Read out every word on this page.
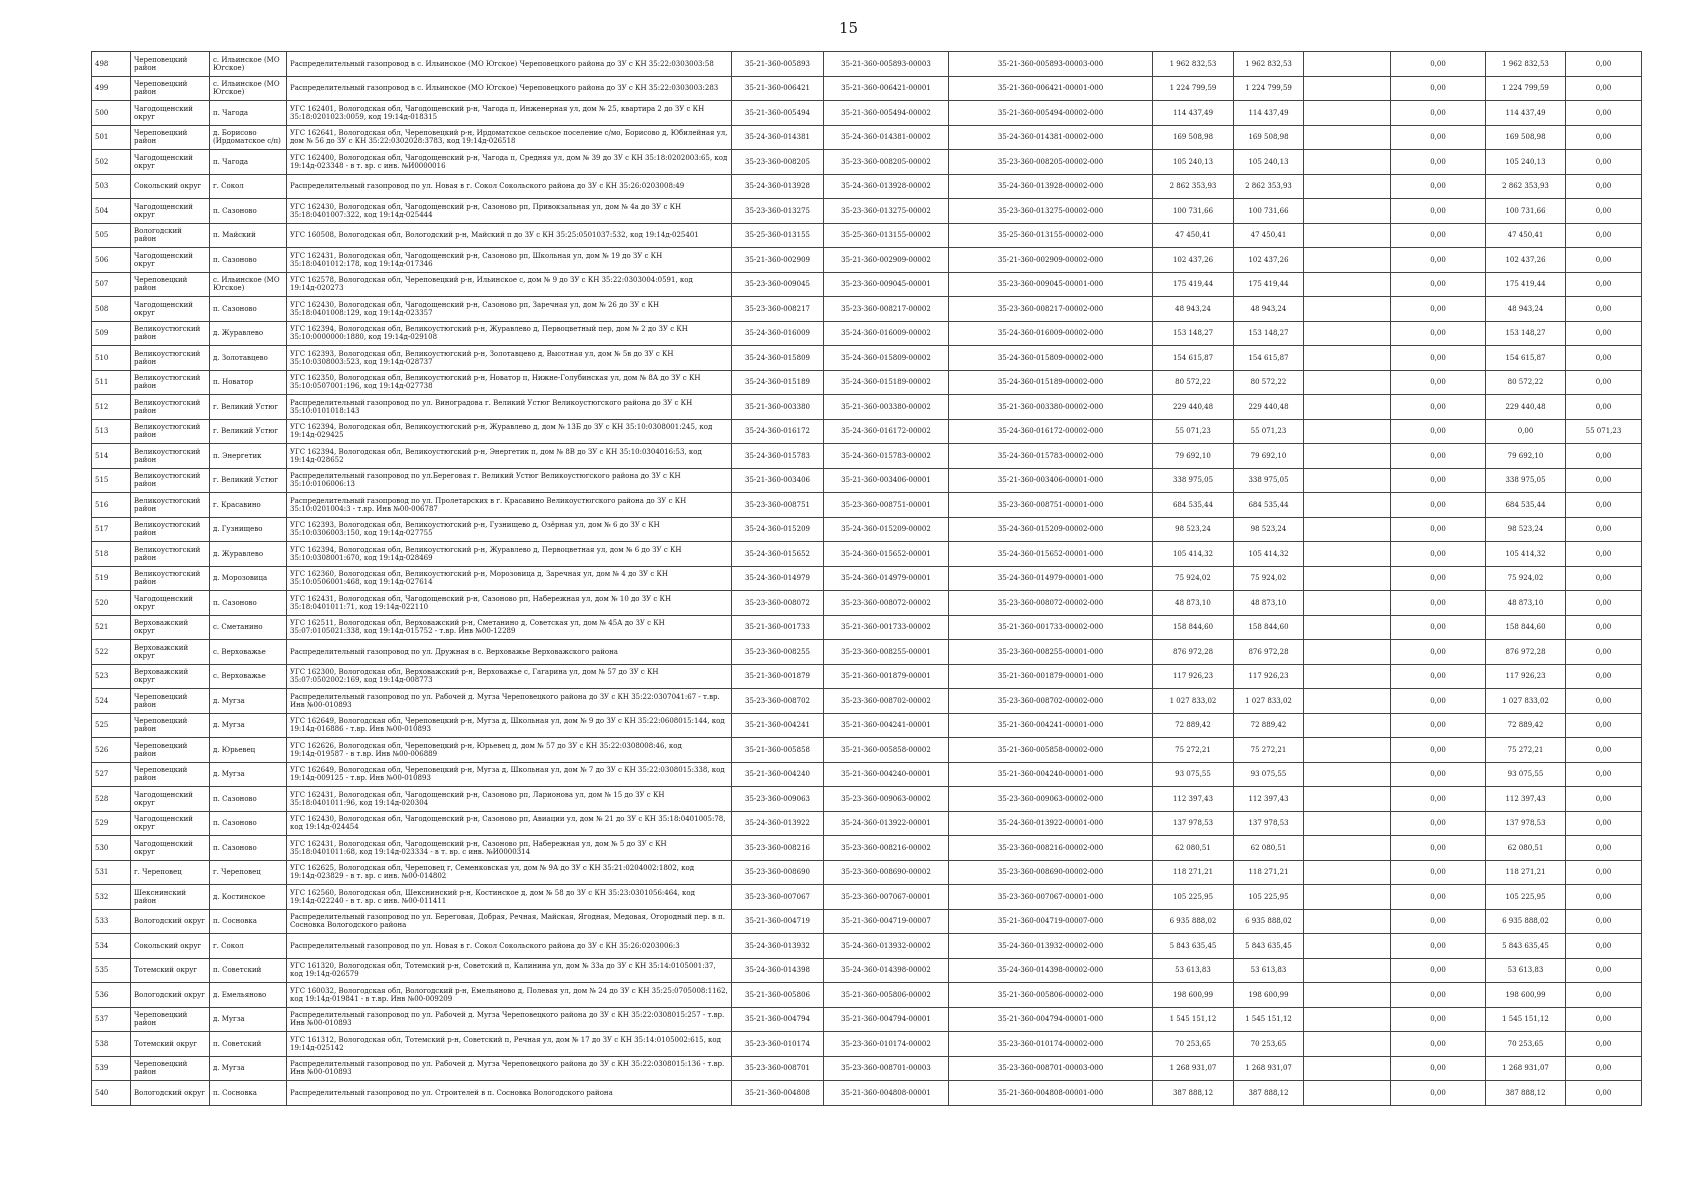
15
498	Череповецкий район	с. Ильинское (МО Югское)	Распределительный газопровод в с. Ильинское (МО Югское) Череповецкого района до ЗУ с КН 35:22:0303003:58	35-21-360-005893	35-21-360-005893-00003	35-21-360-005893-00003-000	1 962 832,53	1 962 832,53		0,00	1 962 832,53	0,00
499	Череповецкий район	с. Ильинское (МО Югское)	Распределительный газопровод в с. Ильинское (МО Югское) Череповецкого района до ЗУ с КН 35:22:0303003:283	35-21-360-006421	35-21-360-006421-00001	35-21-360-006421-00001-000	1 224 799,59	1 224 799,59		0,00	1 224 799,59	0,00
500	Чагодощенский округ	п. Чагода	УГС 162401, Вологодская обл, Чагодощенский р-н, Чагода п, Инженерная ул, дом № 25, квартира 2 до ЗУ с КН 35:18:0201023:0059, код 19:14д-018315	35-21-360-005494	35-21-360-005494-00002	35-21-360-005494-00002-000	114 437,49	114 437,49		0,00	114 437,49	0,00
501	Череповецкий район	д. Борисово (Ирдоматское с/п)	УГС 162641, Вологодская обл, Череповецкий р-н, Ирдоматское сельское поселение с/мо, Борисово д, Юбилейная ул, дом № 56 до ЗУ с КН 35:22:0302028:3783, код 19:14д-026518	35-24-360-014381	35-24-360-014381-00002	35-24-360-014381-00002-000	169 508,98	169 508,98		0,00	169 508,98	0,00
502	Чагодощенский округ	п. Чагода	УГС 162400, Вологодская обл, Чагодощенский р-н, Чагода п, Средняя ул, дом № 39 до ЗУ с КН 35:18:0202003:65, код 19:14д-023348 - в т. вр. с инв. №И0000016	35-23-360-008205	35-23-360-008205-00002	35-23-360-008205-00002-000	105 240,13	105 240,13		0,00	105 240,13	0,00
503	Сокольский округ	г. Сокол	Распределительный газопровод по ул. Новая в г. Сокол Сокольского района до ЗУ с КН 35:26:0203008:49	35-24-360-013928	35-24-360-013928-00002	35-24-360-013928-00002-000	2 862 353,93	2 862 353,93		0,00	2 862 353,93	0,00
504	Чагодощенский округ	п. Сазоново	УГС 162430, Вологодская обл, Чагодощенский р-н, Сазоново рп, Привокзальная ул, дом № 4а до ЗУ с КН 35:18:0401007:322, код 19:14д-025444	35-23-360-013275	35-23-360-013275-00002	35-23-360-013275-00002-000	100 731,66	100 731,66		0,00	100 731,66	0,00
505	Вологодский район	п. Майский	УГС 160508, Вологодская обл, Вологодский р-н, Майский п до ЗУ с КН 35:25:0501037:532, код 19:14д-025401	35-25-360-013155	35-25-360-013155-00002	35-25-360-013155-00002-000	47 450,41	47 450,41		0,00	47 450,41	0,00
506	Чагодощенский округ	п. Сазоново	УГС 162431, Вологодская обл, Чагодощенский р-н, Сазоново рп, Школьная ул, дом № 19 до ЗУ с КН 35:18:0401012:178, код 19:14д-017346	35-21-360-002909	35-21-360-002909-00002	35-21-360-002909-00002-000	102 437,26	102 437,26		0,00	102 437,26	0,00
507	Череповецкий район	с. Ильинское (МО Югское)	УГС 162578, Вологодская обл, Череповецкий р-н, Ильинское с, дом № 9 до ЗУ с КН 35:22:0303004:0591, код 19:14д-020273	35-23-360-009045	35-23-360-009045-00001	35-23-360-009045-00001-000	175 419,44	175 419,44		0,00	175 419,44	0,00
508	Чагодощенский округ	п. Сазоново	УГС 162430, Вологодская обл, Чагодощенский р-н, Сазоново рп, Заречная ул, дом № 26 до ЗУ с КН 35:18:0401008:129, код 19:14д-023357	35-23-360-008217	35-23-360-008217-00002	35-23-360-008217-00002-000	48 943,24	48 943,24		0,00	48 943,24	0,00
509	Великоустюгский район	д. Журавлево	УГС 162394, Вологодская обл, Великоустюгский р-н, Журавлево д, Первоцветный пер, дом № 2 до ЗУ с КН 35:10:0000000:1880, код 19:14д-029108	35-24-360-016009	35-24-360-016009-00002	35-24-360-016009-00002-000	153 148,27	153 148,27		0,00	153 148,27	0,00
510	Великоустюгский район	д. Золотавцево	УГС 162393, Вологодская обл, Великоустюгский р-н, Золотавцево д, Высотная ул, дом № 5в до ЗУ с КН 35:10:0308003:523, код 19:14д-028737	35-24-360-015809	35-24-360-015809-00002	35-24-360-015809-00002-000	154 615,87	154 615,87		0,00	154 615,87	0,00
511	Великоустюгский район	п. Новатор	УГС 162350, Вологодская обл, Великоустюгский р-н, Новатор п, Нижне-Голубинская ул, дом № 8А до ЗУ с КН 35:10:0507001:196, код 19:14д-027738	35-24-360-015189	35-24-360-015189-00002	35-24-360-015189-00002-000	80 572,22	80 572,22		0,00	80 572,22	0,00
512	Великоустюгский район	г. Великий Устюг	Распределительный газопровод по ул. Виноградова г. Великий Устюг Великоустюгского района до ЗУ с КН 35:10:0101018:143	35-21-360-003380	35-21-360-003380-00002	35-21-360-003380-00002-000	229 440,48	229 440,48		0,00	229 440,48	0,00
513	Великоустюгский район	г. Великий Устюг	УГС 162394, Вологодская обл, Великоустюгский р-н, Журавлево д, дом № 13Б до ЗУ с КН 35:10:0308001:245, код 19:14д-029425	35-24-360-016172	35-24-360-016172-00002	35-24-360-016172-00002-000	55 071,23	55 071,23		0,00	0,00	55 071,23
514	Великоустюгский район	п. Энергетик	УГС 162394, Вологодская обл, Великоустюгский р-н, Энергетик п, дом № 8В до ЗУ с КН 35:10:0304016:53, код 19:14д-028652	35-24-360-015783	35-24-360-015783-00002	35-24-360-015783-00002-000	79 692,10	79 692,10		0,00	79 692,10	0,00
515	Великоустюгский район	г. Великий Устюг	Распределительный газопровод по ул.Береговая г. Великий Устюг Великоустюгского района до ЗУ с КН 35:10:0106006:13	35-21-360-003406	35-21-360-003406-00001	35-21-360-003406-00001-000	338 975,05	338 975,05		0,00	338 975,05	0,00
516	Великоустюгский район	г. Красавино	Распределительный газопровод по ул. Пролетарских в г. Красавино Великоустюгского района до ЗУ с КН 35:10:0201004:3 - т.вр. Инв №00-006787	35-23-360-008751	35-23-360-008751-00001	35-23-360-008751-00001-000	684 535,44	684 535,44		0,00	684 535,44	0,00
517	Великоустюгский район	д. Гузнищево	УГС 162393, Вологодская обл, Великоустюгский р-н, Гузнищево д, Озёрная ул, дом № 6 до ЗУ с КН 35:10:0306003:150, код 19:14д-027755	35-24-360-015209	35-24-360-015209-00002	35-24-360-015209-00002-000	98 523,24	98 523,24		0,00	98 523,24	0,00
518	Великоустюгский район	д. Журавлево	УГС 162394, Вологодская обл, Великоустюгский р-н, Журавлево д, Первоцветная ул, дом № 6 до ЗУ с КН 35:10:0308001:670, код 19:14д-028469	35-24-360-015652	35-24-360-015652-00001	35-24-360-015652-00001-000	105 414,32	105 414,32		0,00	105 414,32	0,00
519	Великоустюгский район	д. Морозовица	УГС 162360, Вологодская обл, Великоустюгский р-н, Морозовица д, Заречная ул, дом № 4 до ЗУ с КН 35:10:0506001:468, код 19:14д-027614	35-24-360-014979	35-24-360-014979-00001	35-24-360-014979-00001-000	75 924,02	75 924,02		0,00	75 924,02	0,00
520	Чагодощенский округ	п. Сазоново	УГС 162431, Вологодская обл, Чагодощенский р-н, Сазоново рп, Набережная ул, дом № 10 до ЗУ с КН 35:18:0401011:71, код 19:14д-022110	35-23-360-008072	35-23-360-008072-00002	35-23-360-008072-00002-000	48 873,10	48 873,10		0,00	48 873,10	0,00
521	Верховажский округ	с. Сметанино	УГС 162511, Вологодская обл, Верховажский р-н, Сметанино д, Советская ул, дом № 45А до ЗУ с КН 35:07:0105021:338, код 19:14д-015752 - т.вр. Инв №00-12289	35-21-360-001733	35-21-360-001733-00002	35-21-360-001733-00002-000	158 844,60	158 844,60		0,00	158 844,60	0,00
522	Верховажский округ	с. Верховажье	Распределительный газопровод по ул. Дружная в с. Верховажье Верховажского района	35-23-360-008255	35-23-360-008255-00001	35-23-360-008255-00001-000	876 972,28	876 972,28		0,00	876 972,28	0,00
523	Верховажский округ	с. Верховажье	УГС 162300, Вологодская обл, Верховажский р-н, Верховажье с, Гагарина ул, дом № 57 до ЗУ с КН 35:07:0502002:169, код 19:14д-008773	35-21-360-001879	35-21-360-001879-00001	35-21-360-001879-00001-000	117 926,23	117 926,23		0,00	117 926,23	0,00
524	Череповецкий район	д. Мугза	Распределительный газопровод по ул. Рабочей д. Мугза Череповецкого района до ЗУ с КН 35:22:0307041:67 - т.вр. Инв №00-010893	35-23-360-008702	35-23-360-008702-00002	35-23-360-008702-00002-000	1 027 833,02	1 027 833,02		0,00	1 027 833,02	0,00
525	Череповецкий район	д. Мугза	УГС 162649, Вологодская обл, Череповецкий р-н, Мугза д, Школьная ул, дом № 9 до ЗУ с КН 35:22:0608015:144, код 19:14д-016886 - т.вр. Инв №00-010893	35-21-360-004241	35-21-360-004241-00001	35-21-360-004241-00001-000	72 889,42	72 889,42		0,00	72 889,42	0,00
526	Череповецкий район	д. Юрьевец	УГС 162626, Вологодская обл, Череповецкий р-н, Юрьевец д, дом № 57 до ЗУ с КН 35:22:0308008:46, код 19:14д-019587 - в т.вр. Инв №00-006889	35-21-360-005858	35-21-360-005858-00002	35-21-360-005858-00002-000	75 272,21	75 272,21		0,00	75 272,21	0,00
527	Череповецкий район	д. Мугза	УГС 162649, Вологодская обл, Череповецкий р-н, Мугза д, Школьная ул, дом № 7 до ЗУ с КН 35:22:0308015:338, код 19:14д-009125 - т.вр. Инв №00-010893	35-21-360-004240	35-21-360-004240-00001	35-21-360-004240-00001-000	93 075,55	93 075,55		0,00	93 075,55	0,00
528	Чагодощенский округ	п. Сазоново	УГС 162431, Вологодская обл, Чагодощенский р-н, Сазоново рп, Ларионова ул, дом № 15 до ЗУ с КН 35:18:0401011:96, код 19:14д-020304	35-23-360-009063	35-23-360-009063-00002	35-23-360-009063-00002-000	112 397,43	112 397,43		0,00	112 397,43	0,00
529	Чагодощенский округ	п. Сазоново	УГС 162430, Вологодская обл, Чагодощенский р-н, Сазоново рп, Авиации ул, дом № 21 до ЗУ с КН 35:18:0401005:78, код 19:14д-024454	35-24-360-013922	35-24-360-013922-00001	35-24-360-013922-00001-000	137 978,53	137 978,53		0,00	137 978,53	0,00
530	Чагодощенский округ	п. Сазоново	УГС 162431, Вологодская обл, Чагодощенский р-н, Сазоново рп, Набережная ул, дом № 5 до ЗУ с КН 35:18:0401011:68, код 19:14д-023334 - в т. вр. с инв. №И0000314	35-23-360-008216	35-23-360-008216-00002	35-23-360-008216-00002-000	62 080,51	62 080,51		0,00	62 080,51	0,00
531	г. Череповец	г. Череповец	УГС 162625, Вологодская обл, Череповец г, Семенковская ул, дом № 9А до ЗУ с КН 35:21:0204002:1802, код 19:14д-023829 - в т. вр. с инв. №00-014802	35-23-360-008690	35-23-360-008690-00002	35-23-360-008690-00002-000	118 271,21	118 271,21		0,00	118 271,21	0,00
532	Шекснинский район	д. Костинское	УГС 162560, Вологодская обл, Шекснинский р-н, Костинское д, дом № 58 до ЗУ с КН 35:23:0301056:464, код 19:14д-022240 - в т. вр. с инв. №00-011411	35-23-360-007067	35-23-360-007067-00001	35-23-360-007067-00001-000	105 225,95	105 225,95		0,00	105 225,95	0,00
533	Вологодский округ	п. Сосновка	Распределительный газопровод по ул. Береговая, Добрая, Речная, Майская, Ягодная, Медовая, Огородный пер. в п. Сосновка Вологодского района	35-21-360-004719	35-21-360-004719-00007	35-21-360-004719-00007-000	6 935 888,02	6 935 888,02		0,00	6 935 888,02	0,00
534	Сокольский округ	г. Сокол	Распределительный газопровод по ул. Новая в г. Сокол Сокольского района до ЗУ с КН 35:26:0203006:3	35-24-360-013932	35-24-360-013932-00002	35-24-360-013932-00002-000	5 843 635,45	5 843 635,45		0,00	5 843 635,45	0,00
535	Тотемский округ	п. Советский	УГС 161320, Вологодская обл, Тотемский р-н, Советский п, Калинина ул, дом № 33а до ЗУ с КН 35:14:0105001:37, код 19:14д-026579	35-24-360-014398	35-24-360-014398-00002	35-24-360-014398-00002-000	53 613,83	53 613,83		0,00	53 613,83	0,00
536	Вологодский округ	д. Емельяново	УГС 160032, Вологодская обл, Вологодский р-н, Емельяново д, Полевая ул, дом № 24 до ЗУ с КН 35:25:0705008:1162, код 19:14д-019841 - в т.вр. Инв №00-009209	35-21-360-005806	35-21-360-005806-00002	35-21-360-005806-00002-000	198 600,99	198 600,99		0,00	198 600,99	0,00
537	Череповецкий район	д. Мугза	Распределительный газопровод по ул. Рабочей д. Мугза Череповецкого района до ЗУ с КН 35:22:0308015:257 - т.вр. Инв №00-010893	35-21-360-004794	35-21-360-004794-00001	35-21-360-004794-00001-000	1 545 151,12	1 545 151,12		0,00	1 545 151,12	0,00
538	Тотемский округ	п. Советский	УГС 161312, Вологодская обл, Тотемский р-н, Советский п, Речная ул, дом № 17 до ЗУ с КН 35:14:0105002:615, код 19:14д-025142	35-23-360-010174	35-23-360-010174-00002	35-23-360-010174-00002-000	70 253,65	70 253,65		0,00	70 253,65	0,00
539	Череповецкий район	д. Мугза	Распределительный газопровод по ул. Рабочей д. Мугза Череповецкого района до ЗУ с КН 35:22:0308015:136 - т.вр. Инв №00-010893	35-23-360-008701	35-23-360-008701-00003	35-23-360-008701-00003-000	1 268 931,07	1 268 931,07		0,00	1 268 931,07	0,00
540	Вологодский округ	п. Сосновка	Распределительный газопровод по ул. Строителей в п. Сосновка Вологодского района	35-21-360-004808	35-21-360-004808-00001	35-21-360-004808-00001-000	387 888,12	387 888,12		0,00	387 888,12	0,00
